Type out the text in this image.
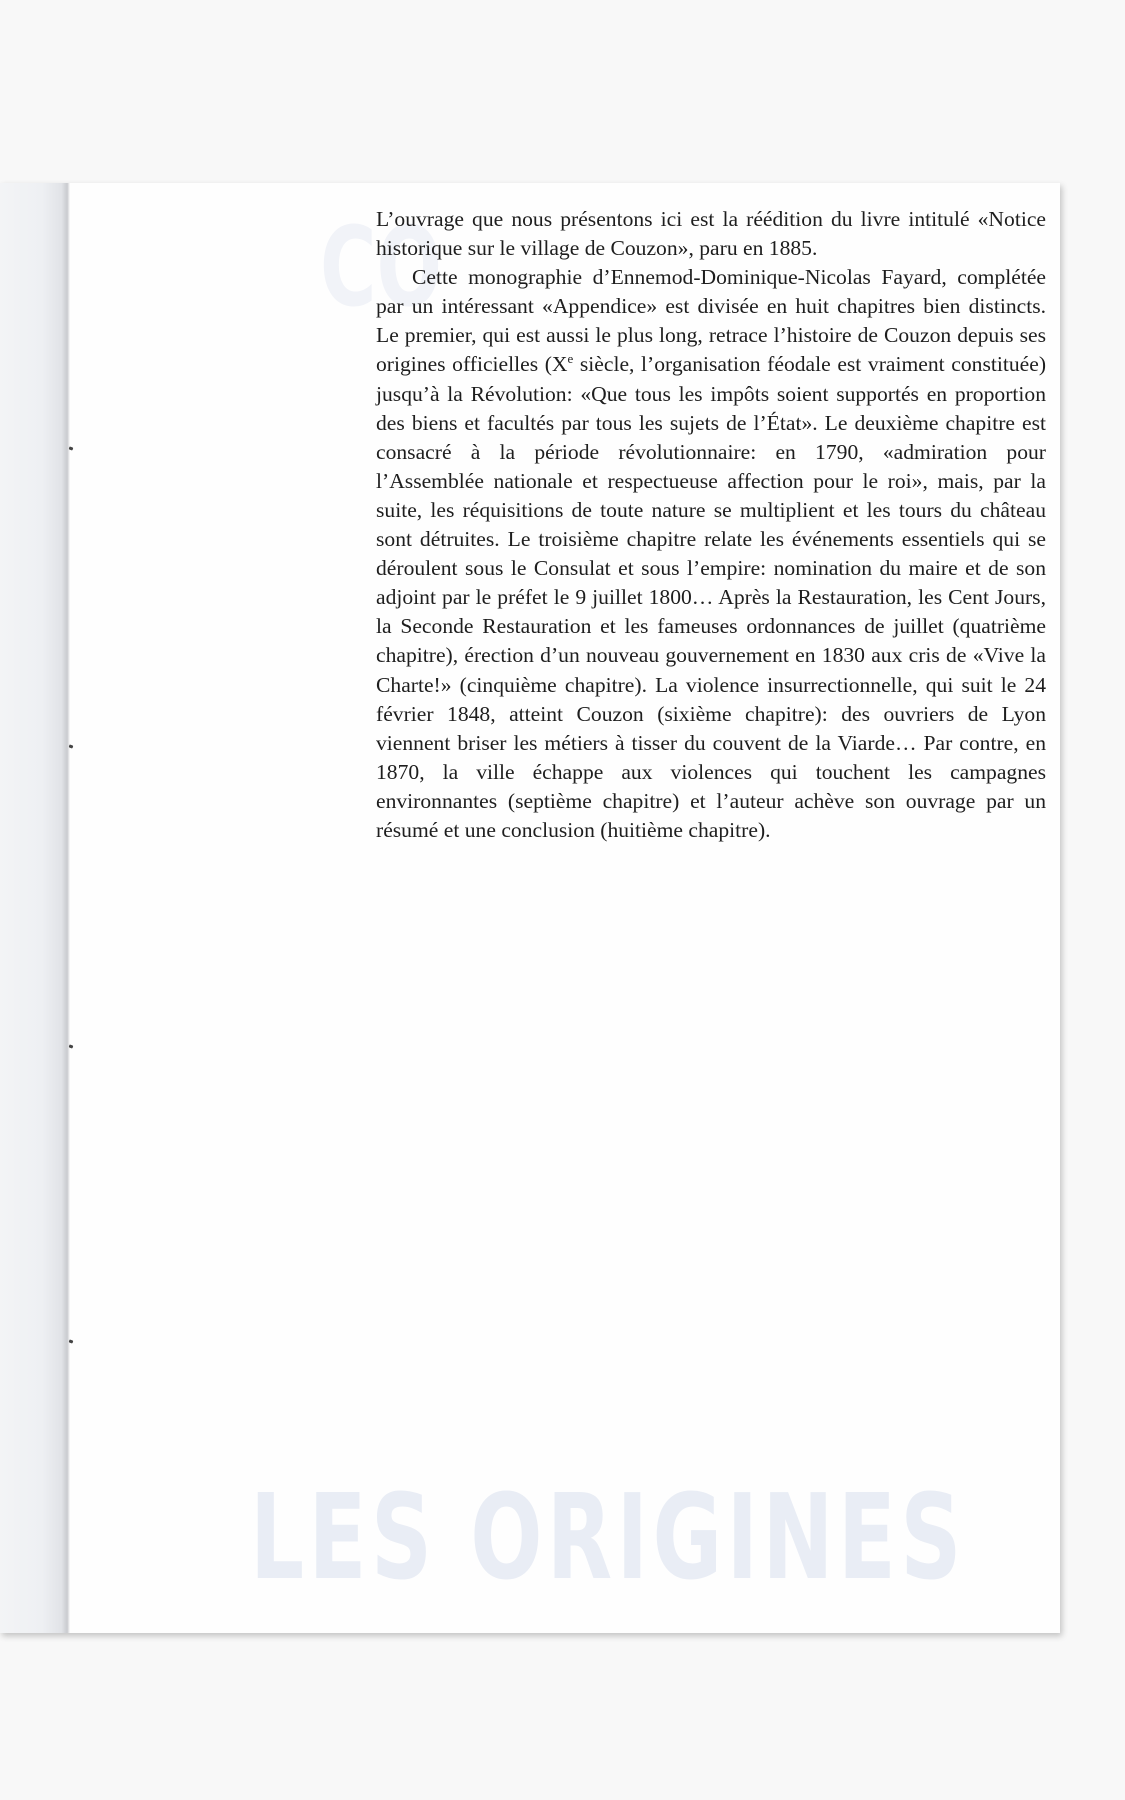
CO
LES ORIGINES

L’ouvrage que nous présentons ici est la réédition du livre intitulé «Notice historique sur le village de Couzon», paru en 1885.

Cette monographie d’Ennemod-Dominique-Nicolas Fayard, complétée par un intéressant «Appendice» est divisée en huit chapitres bien distincts. Le premier, qui est aussi le plus long, retrace l’histoire de Couzon depuis ses origines officielles (Xe siècle, l’organisation féodale est vraiment constituée) jusqu’à la Révolution: «Que tous les impôts soient supportés en proportion des biens et facultés par tous les sujets de l’État». Le deuxième chapitre est consacré à la période révolutionnaire: en 1790, «admiration pour l’Assemblée nationale et respectueuse affection pour le roi», mais, par la suite, les réquisitions de toute nature se multiplient et les tours du château sont détruites. Le troisième chapitre relate les événements essentiels qui se déroulent sous le Consulat et sous l’empire: nomination du maire et de son adjoint par le préfet le 9 juillet 1800… Après la Restauration, les Cent Jours, la Seconde Restauration et les fameuses ordonnances de juillet (quatrième chapitre), érection d’un nouveau gouvernement en 1830 aux cris de «Vive la Charte!» (cinquième chapitre). La violence insurrectionnelle, qui suit le 24 février 1848, atteint Couzon (sixième chapitre): des ouvriers de Lyon viennent briser les métiers à tisser du couvent de la Viarde… Par contre, en 1870, la ville échappe aux violences qui touchent les campagnes environnantes (septième chapitre) et l’auteur achève son ouvrage par un résumé et une conclusion (huitième chapitre).
